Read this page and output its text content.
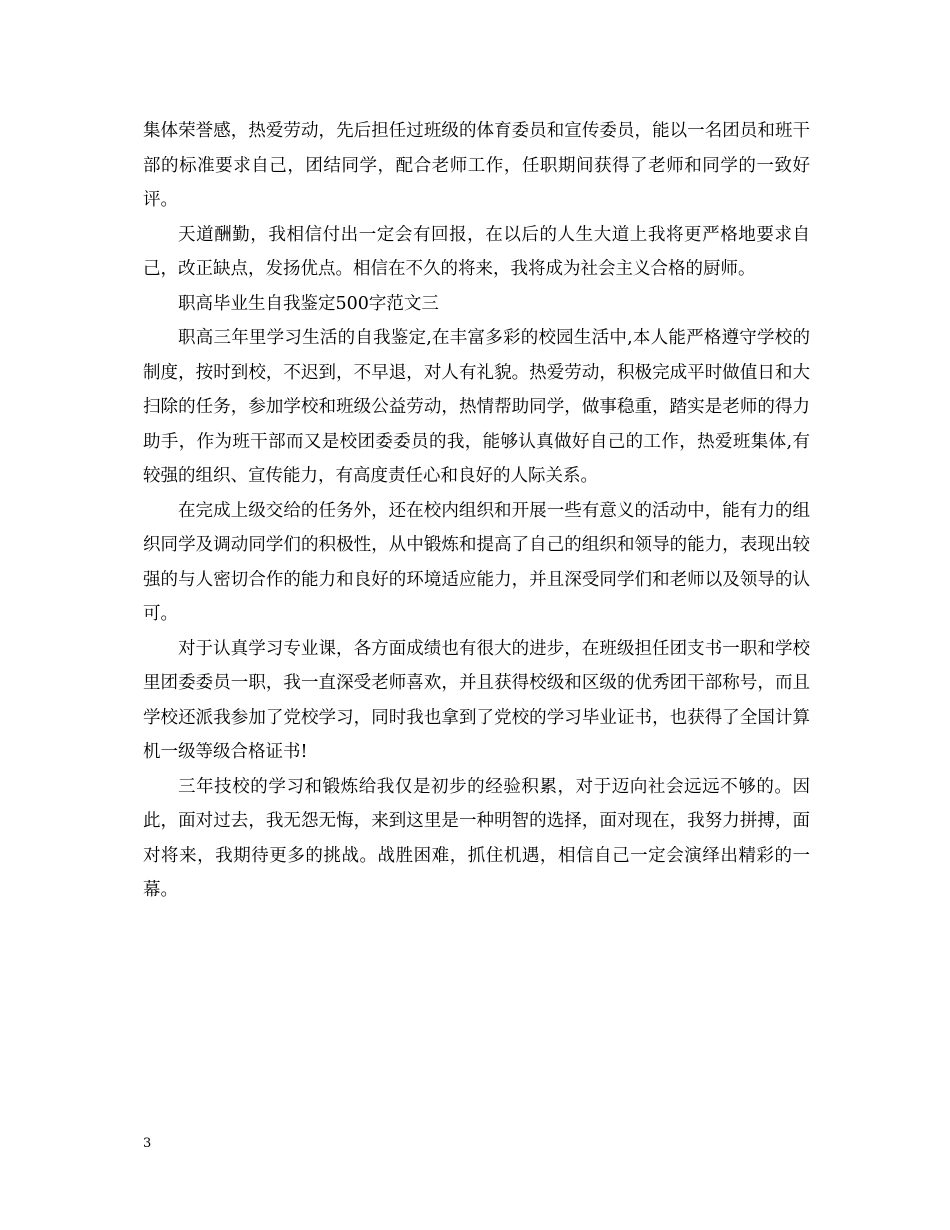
集体荣誉感，热爱劳动，先后担任过班级的体育委员和宣传委员，能以一名团员和班干部的标准要求自己，团结同学，配合老师工作，任职期间获得了老师和同学的一致好评。

天道酬勤，我相信付出一定会有回报，在以后的人生大道上我将更严格地要求自己，改正缺点，发扬优点。相信在不久的将来，我将成为社会主义合格的厨师。

职高毕业生自我鉴定500字范文三

职高三年里学习生活的自我鉴定,在丰富多彩的校园生活中,本人能严格遵守学校的制度，按时到校，不迟到，不早退，对人有礼貌。热爱劳动，积极完成平时做值日和大扫除的任务，参加学校和班级公益劳动，热情帮助同学，做事稳重，踏实是老师的得力助手，作为班干部而又是校团委委员的我，能够认真做好自己的工作，热爱班集体,有较强的组织、宣传能力，有高度责任心和良好的人际关系。

在完成上级交给的任务外，还在校内组织和开展一些有意义的活动中，能有力的组织同学及调动同学们的积极性，从中锻炼和提高了自己的组织和领导的能力，表现出较强的与人密切合作的能力和良好的环境适应能力，并且深受同学们和老师以及领导的认可。

对于认真学习专业课，各方面成绩也有很大的进步，在班级担任团支书一职和学校里团委委员一职，我一直深受老师喜欢，并且获得校级和区级的优秀团干部称号，而且学校还派我参加了党校学习，同时我也拿到了党校的学习毕业证书，也获得了全国计算机一级等级合格证书!

三年技校的学习和锻炼给我仅是初步的经验积累，对于迈向社会远远不够的。因此，面对过去，我无怨无悔，来到这里是一种明智的选择，面对现在，我努力拼搏，面对将来，我期待更多的挑战。战胜困难，抓住机遇，相信自己一定会演绎出精彩的一幕。

3
